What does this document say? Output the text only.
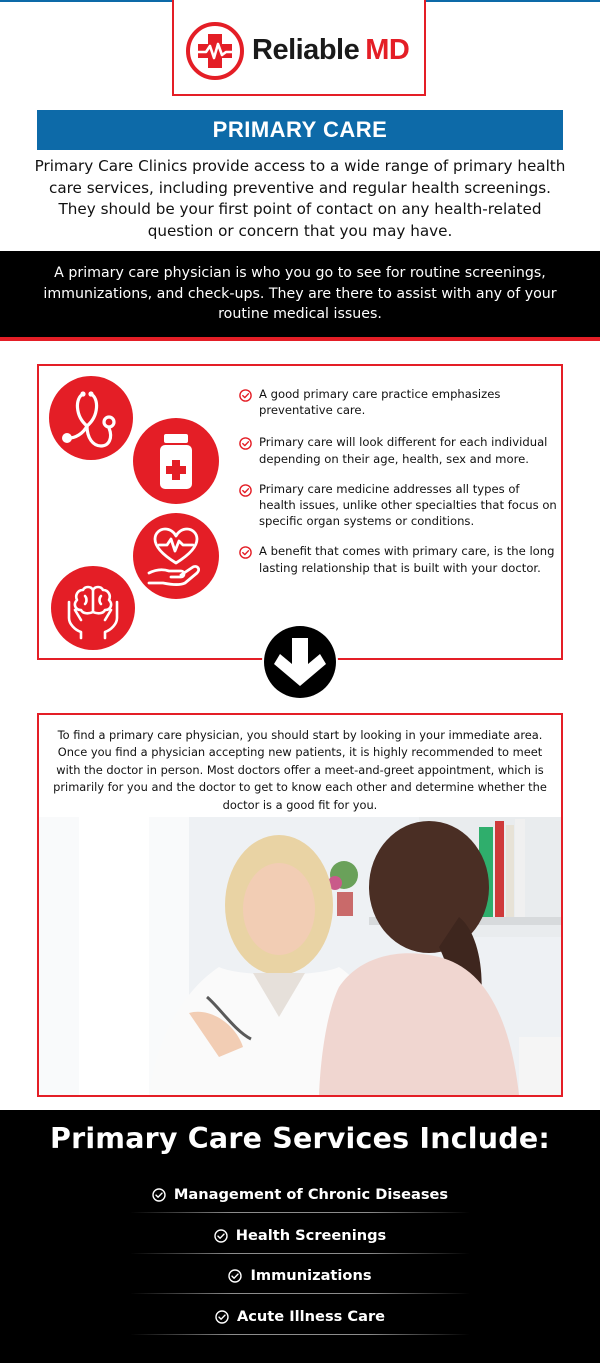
Reliable MD
PRIMARY CARE
Primary Care Clinics provide access to a wide range of primary health care services, including preventive and regular health screenings. They should be your first point of contact on any health-related question or concern that you may have.

A primary care physician is who you go to see for routine screenings, immunizations, and check-ups. They are there to assist with any of your routine medical issues.

A good primary care practice emphasizes preventative care.
Primary care will look different for each individual depending on their age, health, sex and more.
Primary care medicine addresses all types of health issues, unlike other specialties that focus on specific organ systems or conditions.
A benefit that comes with primary care, is the long lasting relationship that is built with your doctor.

To find a primary care physician, you should start by looking in your immediate area. Once you find a physician accepting new patients, it is highly recommended to meet with the doctor in person. Most doctors offer a meet-and-greet appointment, which is primarily for you and the doctor to get to know each other and determine whether the doctor is a good fit for you.

Primary Care Services Include:
Management of Chronic Diseases
Health Screenings
Immunizations
Acute Illness Care
